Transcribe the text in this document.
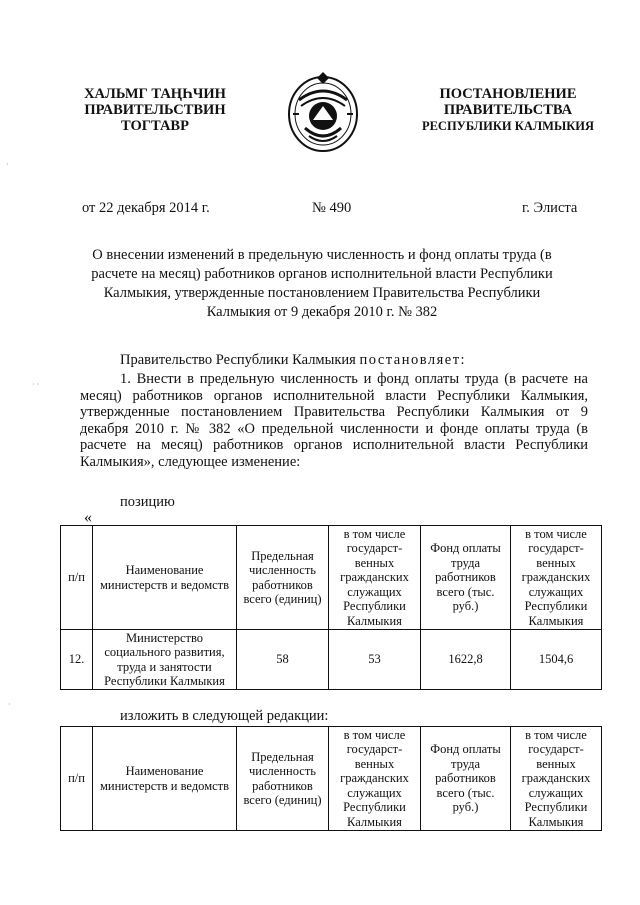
ХАЛЬМГ ТАҢҺЧИН
ПРАВИТЕЛЬСТВИН
ТОГТАВР
ПОСТАНОВЛЕНИЕ
ПРАВИТЕЛЬСТВА
РЕСПУБЛИКИ КАЛМЫКИЯ
от 22 декабря 2014 г.	№ 490	г. Элиста
О внесении изменений в предельную численность и фонд оплаты труда (в расчете на месяц) работников органов исполнительной власти Республики Калмыкия, утвержденные постановлением Правительства Республики Калмыкия от 9 декабря 2010 г. № 382
Правительство Республики Калмыкия постановляет:
1. Внести в предельную численность и фонд оплаты труда (в расчете на месяц) работников органов исполнительной власти Республики Калмыкия, утвержденные постановлением Правительства Республики Калмыкия от 9 декабря 2010 г. № 382 «О предельной численности и фонде оплаты труда (в расчете на месяц) работников органов исполнительной власти Республики Калмыкия», следующее изменение:
позицию
«
·
· ·
·
п/п	Наименование министерств и ведомств	Предельная численность работников всего (единиц)	в том числе государст-венных гражданских служащих Республики Калмыкия	Фонд оплаты труда работников всего (тыс. руб.)	в том числе государст-венных гражданских служащих Республики Калмыкия
12.	Министерство социального развития, труда и занятости Республики Калмыкия	58	53	1622,8	1504,6
изложить в следующей редакции:
п/п	Наименование министерств и ведомств	Предельная численность работников всего (единиц)	в том числе государст-венных гражданских служащих Республики Калмыкия	Фонд оплаты труда работников всего (тыс. руб.)	в том числе государст-венных гражданских служащих Республики Калмыкия
